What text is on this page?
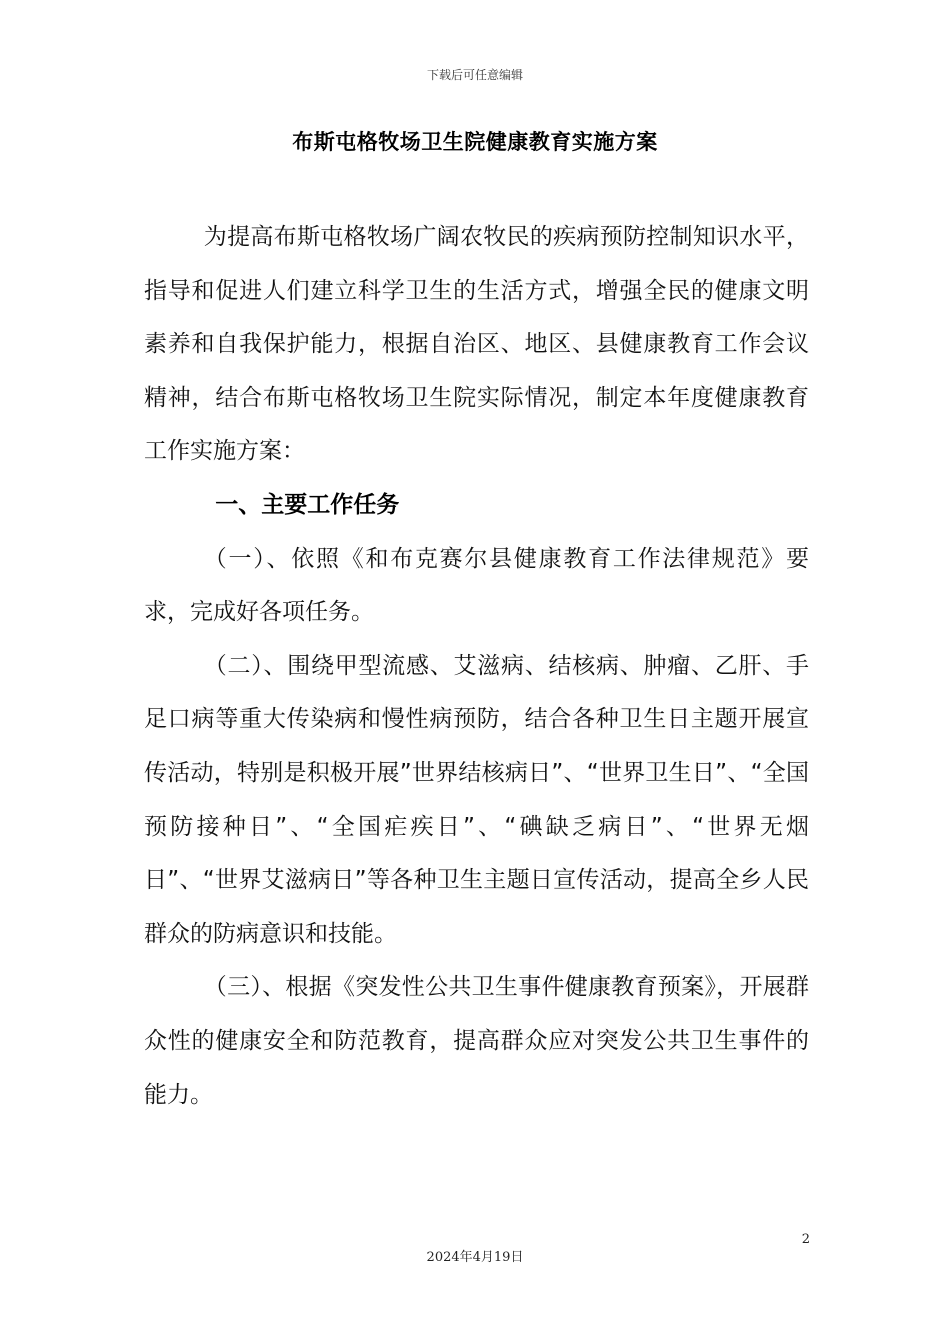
下载后可任意编辑
布斯屯格牧场卫生院健康教育实施方案

为提高布斯屯格牧场广阔农牧民的疾病预防控制知识水平，指导和促进人们建立科学卫生的生活方式，增强全民的健康文明素养和自我保护能力，根据自治区、地区、县健康教育工作会议精神，结合布斯屯格牧场卫生院实际情况，制定本年度健康教育工作实施方案：

一、主要工作任务

（一）、依照《和布克赛尔县健康教育工作法律规范》要求，完成好各项任务。

（二）、围绕甲型流感、艾滋病、结核病、肿瘤、乙肝、手足口病等重大传染病和慢性病预防，结合各种卫生日主题开展宣传活动，特别是积极开展”世界结核病日”、“世界卫生日”、“全国预防接种日”、“全国疟疾日”、“碘缺乏病日”、“世界无烟日”、“世界艾滋病日”等各种卫生主题日宣传活动，提高全乡人民群众的防病意识和技能。

（三）、根据《突发性公共卫生事件健康教育预案》，开展群众性的健康安全和防范教育，提高群众应对突发公共卫生事件的能力。

2
2024年4月19日
